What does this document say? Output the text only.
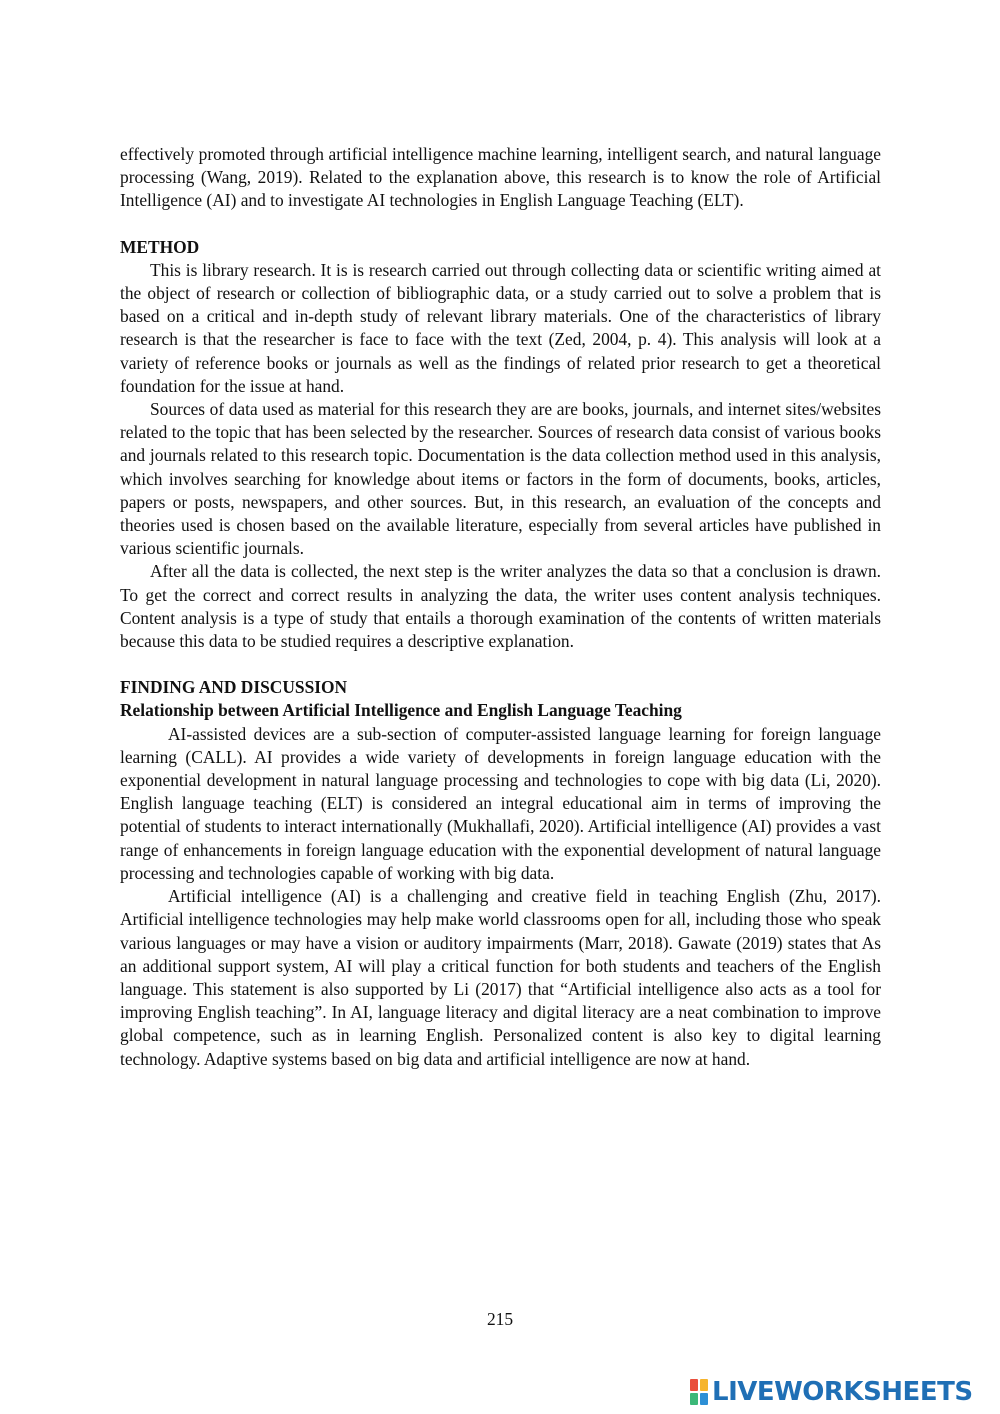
effectively promoted through artificial intelligence machine learning, intelligent search, and natural language processing (Wang, 2019). Related to the explanation above, this research is to know the role of Artificial Intelligence (AI) and to investigate AI technologies in English Language Teaching (ELT).

METHOD

This is library research. It is is research carried out through collecting data or scientific writing aimed at the object of research or collection of bibliographic data, or a study carried out to solve a problem that is based on a critical and in-depth study of relevant library materials. One of the characteristics of library research is that the researcher is face to face with the text (Zed, 2004, p. 4). This analysis will look at a variety of reference books or journals as well as the findings of related prior research to get a theoretical foundation for the issue at hand.

Sources of data used as material for this research they are are books, journals, and internet sites/websites related to the topic that has been selected by the researcher. Sources of research data consist of various books and journals related to this research topic. Documentation is the data collection method used in this analysis, which involves searching for knowledge about items or factors in the form of documents, books, articles, papers or posts, newspapers, and other sources. But, in this research, an evaluation of the concepts and theories used is chosen based on the available literature, especially from several articles have published in various scientific journals.

After all the data is collected, the next step is the writer analyzes the data so that a conclusion is drawn. To get the correct and correct results in analyzing the data, the writer uses content analysis techniques. Content analysis is a type of study that entails a thorough examination of the contents of written materials because this data to be studied requires a descriptive explanation.

FINDING AND DISCUSSION
Relationship between Artificial Intelligence and English Language Teaching

AI-assisted devices are a sub-section of computer-assisted language learning for foreign language learning (CALL). AI provides a wide variety of developments in foreign language education with the exponential development in natural language processing and technologies to cope with big data (Li, 2020). English language teaching (ELT) is considered an integral educational aim in terms of improving the potential of students to interact internationally (Mukhallafi, 2020). Artificial intelligence (AI) provides a vast range of enhancements in foreign language education with the exponential development of natural language processing and technologies capable of working with big data.

Artificial intelligence (AI) is a challenging and creative field in teaching English (Zhu, 2017). Artificial intelligence technologies may help make world classrooms open for all, including those who speak various languages or may have a vision or auditory impairments (Marr, 2018). Gawate (2019) states that As an additional support system, AI will play a critical function for both students and teachers of the English language. This statement is also supported by Li (2017) that “Artificial intelligence also acts as a tool for improving English teaching”. In AI, language literacy and digital literacy are a neat combination to improve global competence, such as in learning English. Personalized content is also key to digital learning technology. Adaptive systems based on big data and artificial intelligence are now at hand.

215
LIVEWORKSHEETS
